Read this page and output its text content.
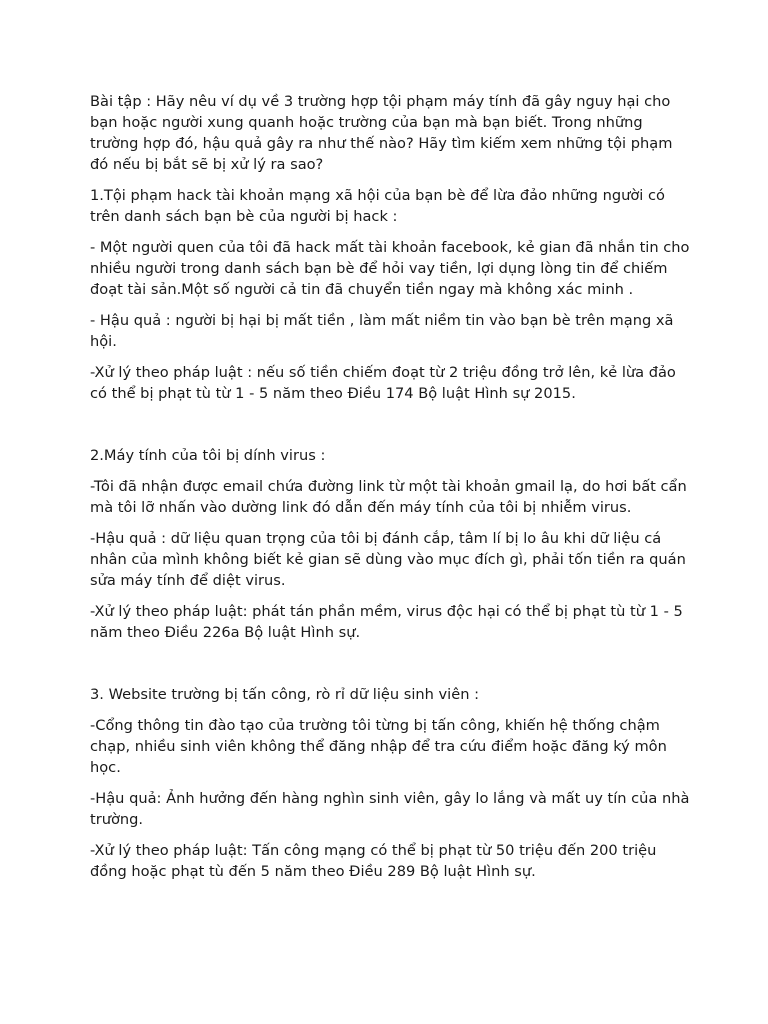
Bài tập : Hãy nêu ví dụ về 3 trường hợp tội phạm máy tính đã gây nguy hại cho bạn hoặc người xung quanh hoặc trường của bạn mà bạn biết. Trong những trường hợp đó, hậu quả gây ra như thế nào? Hãy tìm kiếm xem những tội phạm đó nếu bị bắt sẽ bị xử lý ra sao?

1.Tội phạm hack tài khoản mạng xã hội của bạn bè để lừa đảo những người có trên danh sách bạn bè của người bị hack :

- Một người quen của tôi đã hack mất tài khoản facebook, kẻ gian đã nhắn tin cho nhiều người trong danh sách bạn bè để hỏi vay tiền, lợi dụng lòng tin để chiếm đoạt tài sản.Một số người cả tin đã chuyển tiền ngay mà không xác minh .

- Hậu quả : người bị hại bị mất tiền , làm mất niềm tin vào bạn bè trên mạng xã hội.

-Xử lý theo pháp luật : nếu số tiền chiếm đoạt từ 2 triệu đồng trở lên, kẻ lừa đảo có thể bị phạt tù từ 1 - 5 năm theo Điều 174 Bộ luật Hình sự 2015.

2.Máy tính của tôi bị dính virus :

-Tôi đã nhận được email chứa đường link từ một tài khoản gmail lạ, do hơi bất cẩn mà tôi lỡ nhấn vào dường link đó dẫn đến máy tính của tôi bị nhiễm virus.

-Hậu quả : dữ liệu quan trọng của tôi bị đánh cắp, tâm lí bị lo âu khi dữ liệu cá nhân của mình không biết kẻ gian sẽ dùng vào mục đích gì, phải tốn tiền ra quán sửa máy tính để diệt virus.

-Xử lý theo pháp luật: phát tán phần mềm, virus độc hại có thể bị phạt tù từ 1 - 5 năm theo Điều 226a Bộ luật Hình sự.

3. Website trường bị tấn công, rò rỉ dữ liệu sinh viên :

-Cổng thông tin đào tạo của trường tôi từng bị tấn công, khiến hệ thống chậm chạp, nhiều sinh viên không thể đăng nhập để tra cứu điểm hoặc đăng ký môn học.

-Hậu quả: Ảnh hưởng đến hàng nghìn sinh viên, gây lo lắng và mất uy tín của nhà trường.

-Xử lý theo pháp luật: Tấn công mạng có thể bị phạt từ 50 triệu đến 200 triệu đồng hoặc phạt tù đến 5 năm theo Điều 289 Bộ luật Hình sự.
